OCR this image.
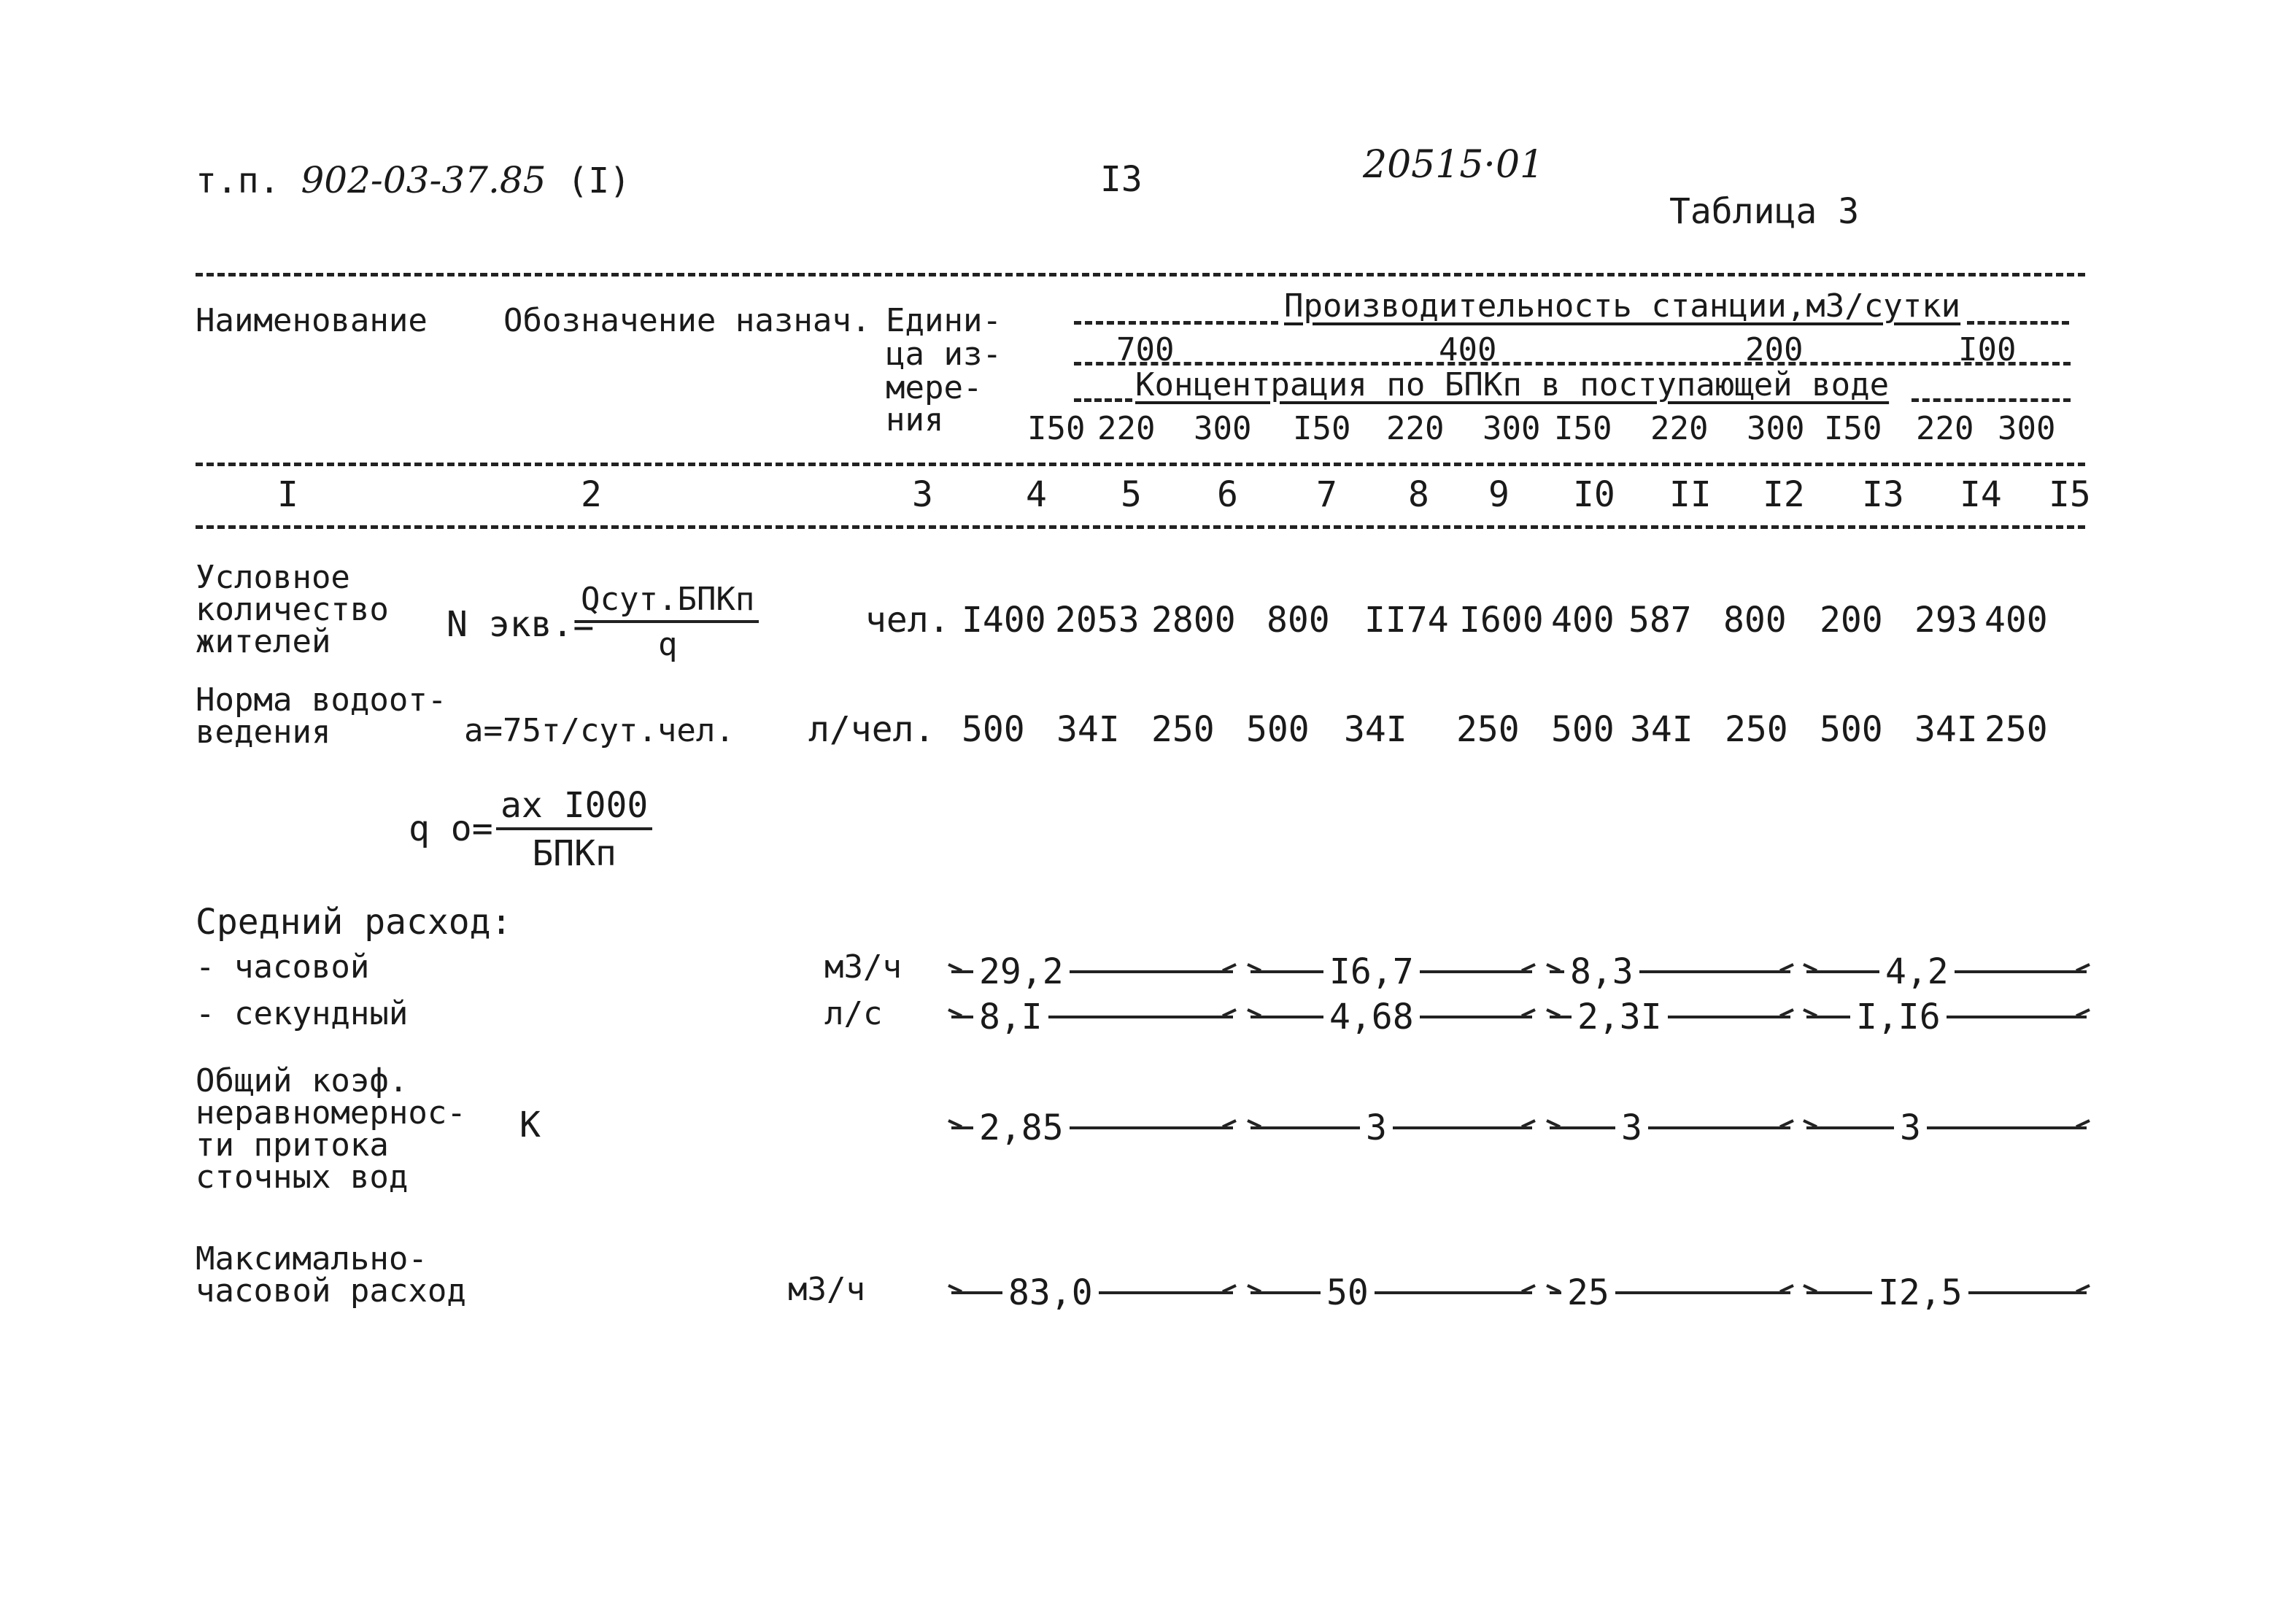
т.п. 902-03-37.85 (I)	I3	20515·01
Таблица 3
Наименование Обозначение назнач. Едини-
ца из-
мере-
ния
Производительность станции,м3/сутки
700	400	200	I00
Концентрация по БПКп в поступающей воде
I50 220 300 I50 220 300 I50 220 300 I50 220 300
I	2	3	4 5 6 7 8 9 I0 II I2 I3 I4 I5
Условное
количество
жителей	N экв.=
Qсут.БПКп
q
чел. I400 2053 2800 800 II74 I600 400 587 800 200 293 400
Норма водоот-
ведения	a=75т/сут.чел. л/чел. 500 34I 250 500 34I 250 500 34I 250 500 34I 250
q о=
ах I000
БПКп
Средний расход:
- часовой	м3/ч 29,2	I6,7	8,3	4,2
- секундный	л/с	8,I	4,68	2,3I	I,I6
Общий коэф.
неравномернос-
ти притока
сточных вод
К	2,85	3	3	3
Максимально-
часовой расход	м3/ч	83,0	50	25	I2,5
